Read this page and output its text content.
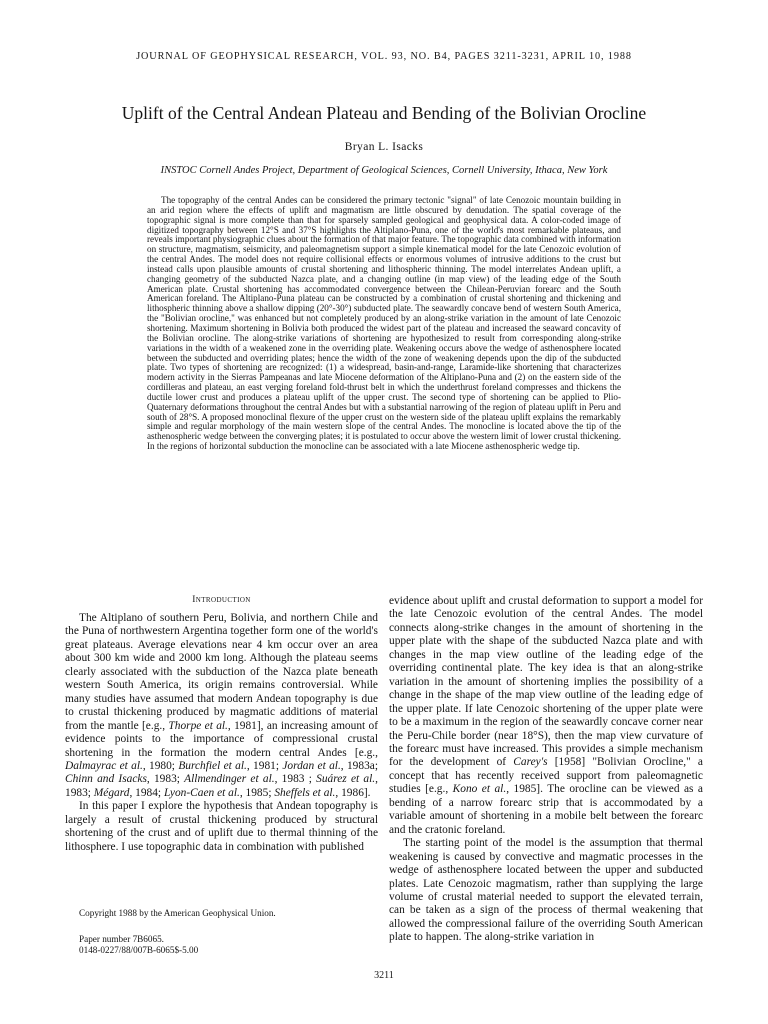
JOURNAL OF GEOPHYSICAL RESEARCH, VOL. 93, NO. B4, PAGES 3211-3231, APRIL 10, 1988
Uplift of the Central Andean Plateau and Bending of the Bolivian Orocline
Bryan L. Isacks
INSTOC Cornell Andes Project, Department of Geological Sciences, Cornell University, Ithaca, New York

The topography of the central Andes can be considered the primary tectonic "signal" of late Cenozoic mountain building in an arid region where the effects of uplift and magmatism are little obscured by denudation. The spatial coverage of the topographic signal is more complete than that for sparsely sampled geological and geophysical data. A color-coded image of digitized topography between 12°S and 37°S highlights the Altiplano-Puna, one of the world's most remarkable plateaus, and reveals important physiographic clues about the formation of that major feature. The topographic data combined with information on structure, magmatism, seismicity, and paleomagnetism support a simple kinematical model for the late Cenozoic evolution of the central Andes. The model does not require collisional effects or enormous volumes of intrusive additions to the crust but instead calls upon plausible amounts of crustal shortening and lithospheric thinning. The model interrelates Andean uplift, a changing geometry of the subducted Nazca plate, and a changing outline (in map view) of the leading edge of the South American plate. Crustal shortening has accommodated convergence between the Chilean-Peruvian forearc and the South American foreland. The Altiplano-Puna plateau can be constructed by a combination of crustal shortening and thickening and lithospheric thinning above a shallow dipping (20°-30°) subducted plate. The seawardly concave bend of western South America, the "Bolivian orocline," was enhanced but not completely produced by an along-strike variation in the amount of late Cenozoic shortening. Maximum shortening in Bolivia both produced the widest part of the plateau and increased the seaward concavity of the Bolivian orocline. The along-strike variations of shortening are hypothesized to result from corresponding along-strike variations in the width of a weakened zone in the overriding plate. Weakening occurs above the wedge of asthenosphere located between the subducted and overriding plates; hence the width of the zone of weakening depends upon the dip of the subducted plate. Two types of shortening are recognized: (1) a widespread, basin-and-range, Laramide-like shortening that characterizes modern activity in the Sierras Pampeanas and late Miocene deformation of the Altiplano-Puna and (2) on the eastern side of the cordilleras and plateau, an east verging foreland fold-thrust belt in which the underthrust foreland compresses and thickens the ductile lower crust and produces a plateau uplift of the upper crust. The second type of shortening can be applied to Plio-Quaternary deformations throughout the central Andes but with a substantial narrowing of the region of plateau uplift in Peru and south of 28°S. A proposed monoclinal flexure of the upper crust on the western side of the plateau uplift explains the remarkably simple and regular morphology of the main western slope of the central Andes. The monocline is located above the tip of the asthenospheric wedge between the converging plates; it is postulated to occur above the western limit of lower crustal thickening. In the regions of horizontal subduction the monocline can be associated with a late Miocene asthenospheric wedge tip.

Introduction

The Altiplano of southern Peru, Bolivia, and northern Chile and the Puna of northwestern Argentina together form one of the world's great plateaus. Average elevations near 4 km occur over an area about 300 km wide and 2000 km long. Although the plateau seems clearly associated with the subduction of the Nazca plate beneath western South America, its origin remains controversial. While many studies have assumed that modern Andean topography is due to crustal thickening produced by magmatic additions of material from the mantle [e.g., Thorpe et al., 1981], an increasing amount of evidence points to the importance of compressional crustal shortening in the formation the modern central Andes [e.g., Dalmayrac et al., 1980; Burchfiel et al., 1981; Jordan et al., 1983a; Chinn and Isacks, 1983; Allmendinger et al., 1983 ; Suárez et al., 1983; Mégard, 1984; Lyon-Caen et al., 1985; Sheffels et al., 1986].

In this paper I explore the hypothesis that Andean topography is largely a result of crustal thickening produced by structural shortening of the crust and of uplift due to thermal thinning of the lithosphere. I use topographic data in combination with published

evidence about uplift and crustal deformation to support a model for the late Cenozoic evolution of the central Andes. The model connects along-strike changes in the amount of shortening in the upper plate with the shape of the subducted Nazca plate and with changes in the map view outline of the leading edge of the overriding continental plate. The key idea is that an along-strike variation in the amount of shortening implies the possibility of a change in the shape of the map view outline of the leading edge of the upper plate. If late Cenozoic shortening of the upper plate were to be a maximum in the region of the seawardly concave corner near the Peru-Chile border (near 18°S), then the map view curvature of the forearc must have increased. This provides a simple mechanism for the development of Carey's [1958] "Bolivian Orocline," a concept that has recently received support from paleomagnetic studies [e.g., Kono et al., 1985]. The orocline can be viewed as a bending of a narrow forearc strip that is accommodated by a variable amount of shortening in a mobile belt between the forearc and the cratonic foreland.

The starting point of the model is the assumption that thermal weakening is caused by convective and magmatic processes in the wedge of asthenosphere located between the upper and subducted plates. Late Cenozoic magmatism, rather than supplying the large volume of crustal material needed to support the elevated terrain, can be taken as a sign of the process of thermal weakening that allowed the compressional failure of the overriding South American plate to happen. The along-strike variation in

Copyright 1988 by the American Geophysical Union.
Paper number 7B6065.
0148-0227/88/007B-6065$-5.00
3211
